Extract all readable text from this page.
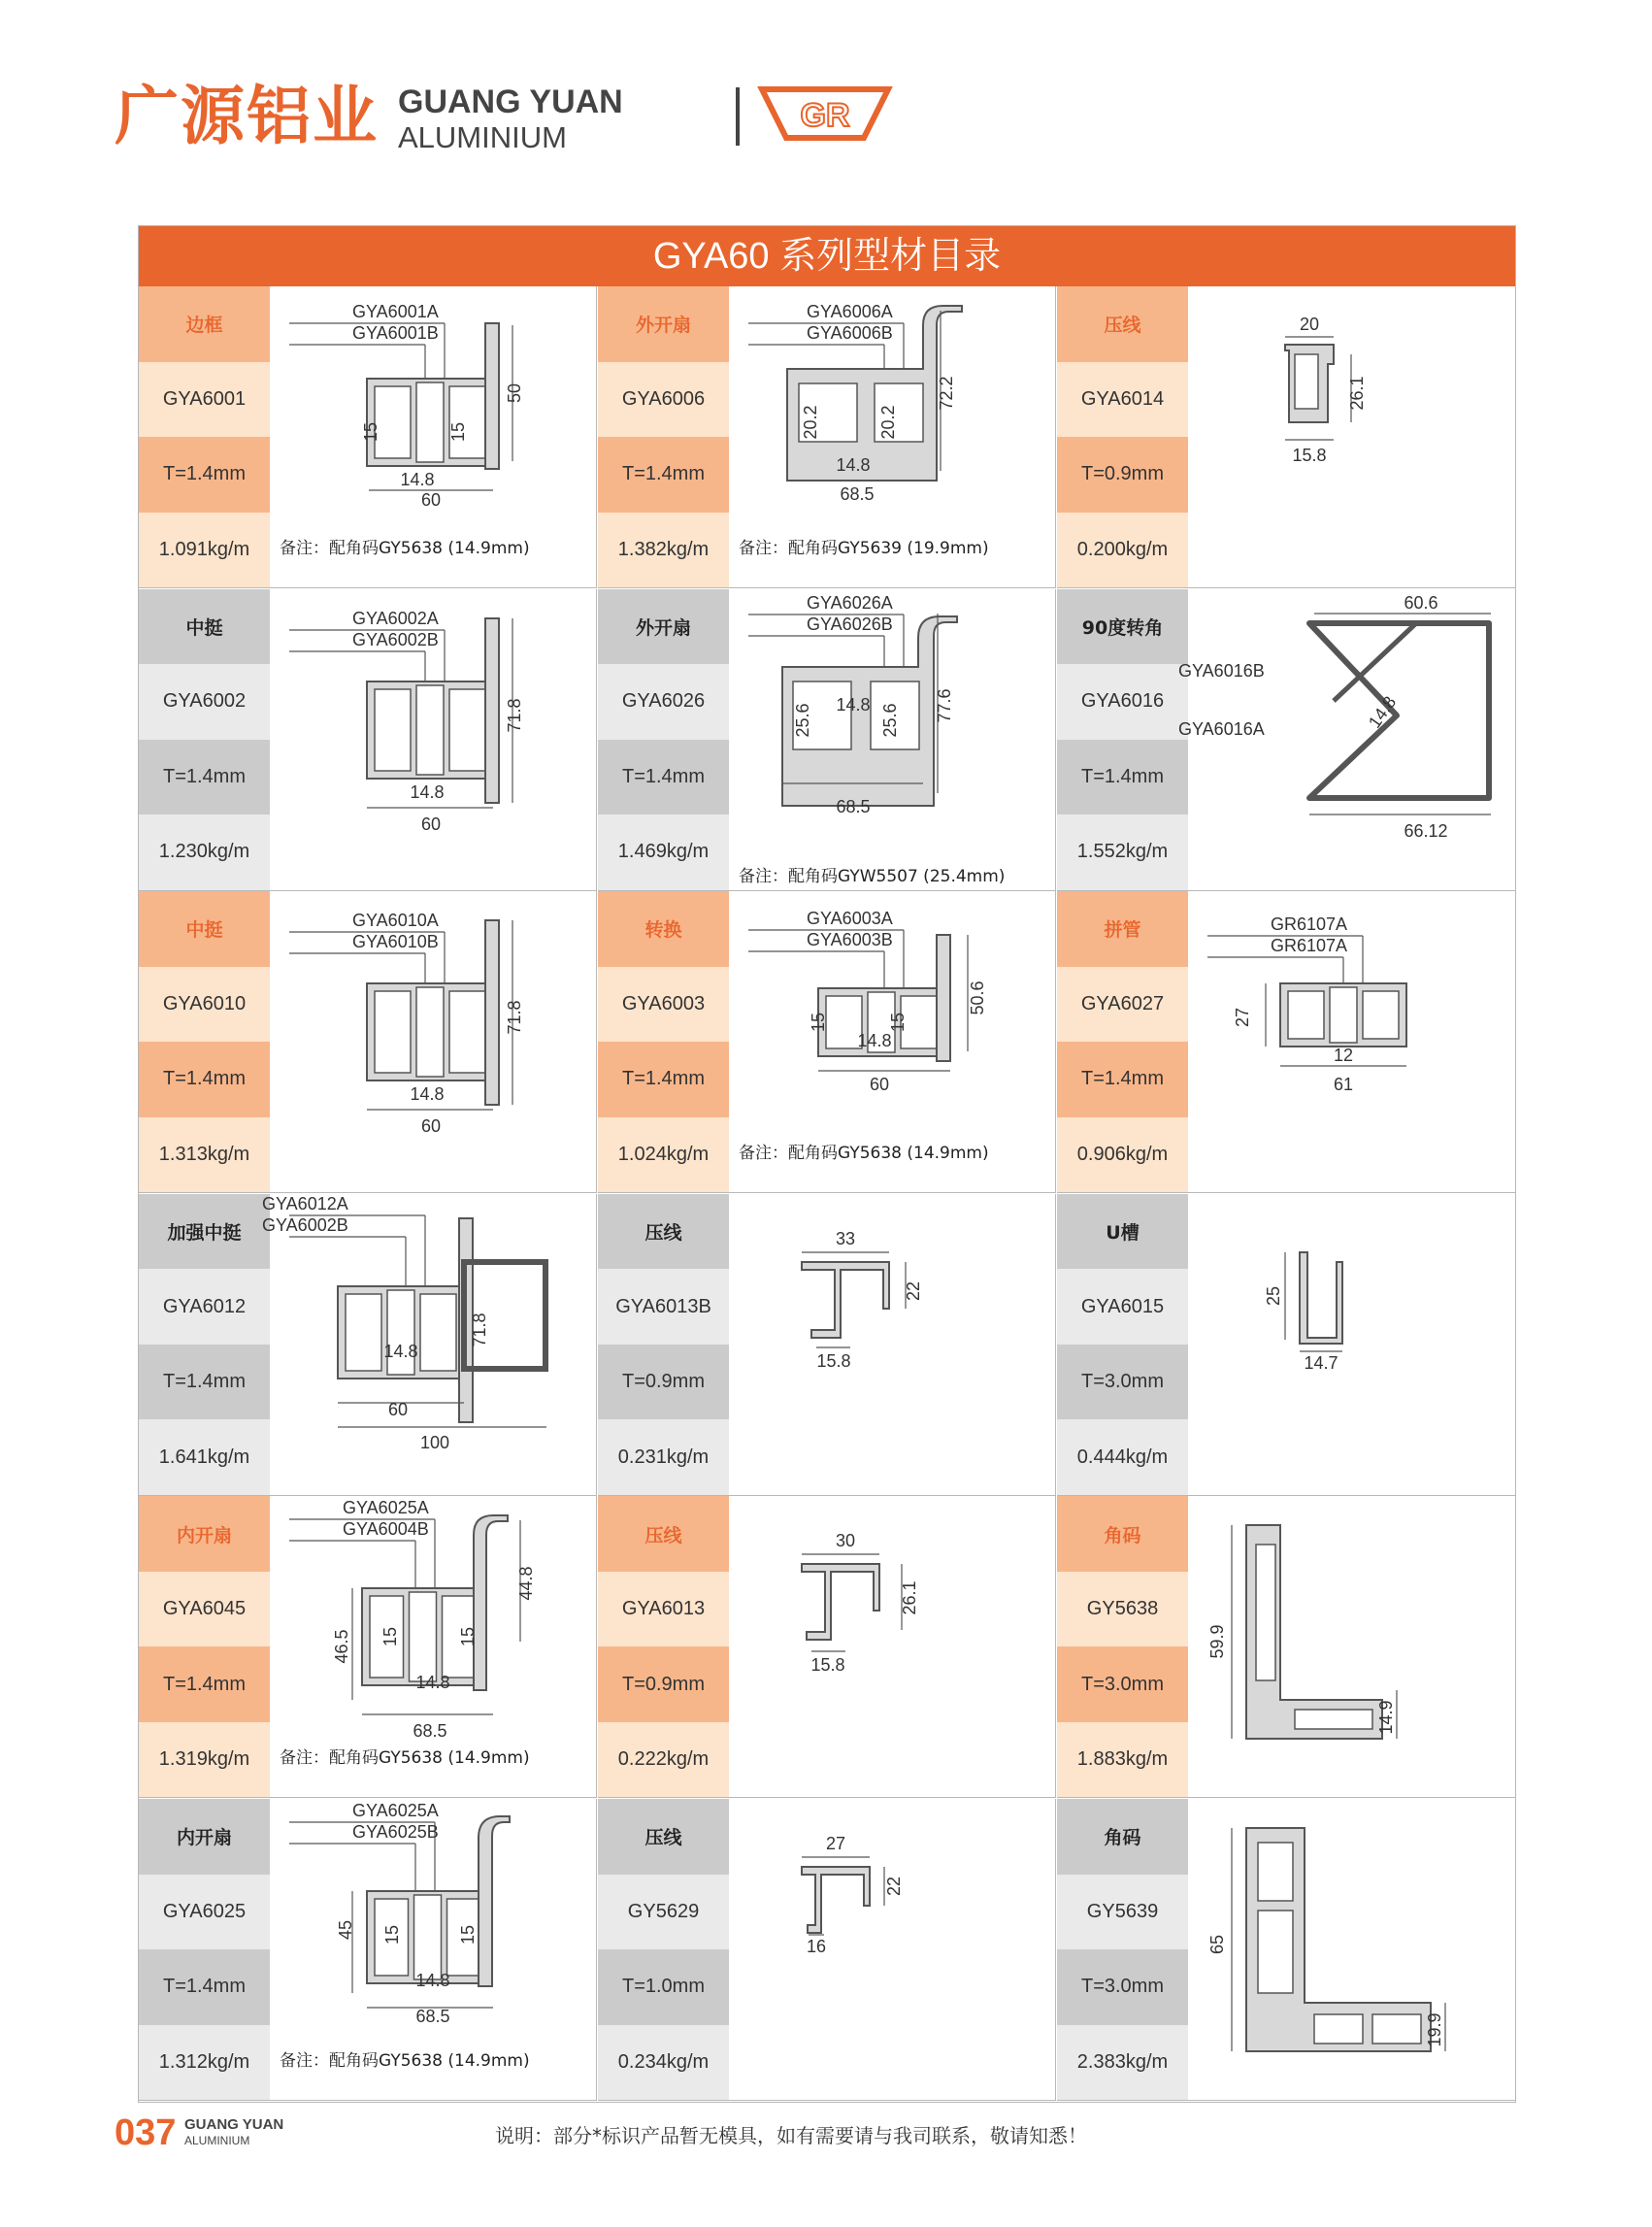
广源铝业 GUANG YUAN
ALUMINIUM
GR
GYA60 系列型材目录
边框
GYA6001
T=1.4mm
1.091kg/m
GYA6001A
GYA6001B
50
15	15
14.8
60
备注：配角码GY5638 (14.9mm)
外开扇
GYA6006
T=1.4mm
1.382kg/m
GYA6006A
GYA6006B
72.2
20.2	20.2
14.8
68.5
备注：配角码GY5639 (19.9mm)
压线
GYA6014
T=0.9mm
0.200kg/m
20
26.1
15.8
中挺
GYA6002
T=1.4mm
1.230kg/m
GYA6002A
GYA6002B
71.8
14.8
60
外开扇
GYA6026
T=1.4mm
1.469kg/m
GYA6026A
GYA6026B
77.6
25.6	25.6
14.8
68.5
备注：配角码GYW5507 (25.4mm)
90度转角
GYA6016
T=1.4mm
1.552kg/m
GYA6016B
GYA6016A
60.6
14.8
66.12
中挺
GYA6010
T=1.4mm
1.313kg/m
GYA6010A
GYA6010B
71.8
14.8
60
转换
GYA6003
T=1.4mm
1.024kg/m
GYA6003A
GYA6003B
50.6
15	15
14.8
60
备注：配角码GY5638 (14.9mm)
拼管
GYA6027
T=1.4mm
0.906kg/m
GR6107A
GR6107A
27
12
61
加强中挺
GYA6012
T=1.4mm
1.641kg/m
GYA6012A
GYA6002B
71.8
14.8
60
100
压线
GYA6013B
T=0.9mm
0.231kg/m
33
22
15.8
U槽
GYA6015
T=3.0mm
0.444kg/m
25
14.7
内开扇
GYA6045
T=1.4mm
1.319kg/m
GYA6025A
GYA6004B
44.8
46.5 15	15
14.8
68.5
备注：配角码GY5638 (14.9mm)
压线
GYA6013
T=0.9mm
0.222kg/m
30
26.1
15.8
角码
GY5638
T=3.0mm
1.883kg/m
59.9
14.9
内开扇
GYA6025
T=1.4mm
1.312kg/m
GYA6025A
GYA6025B
45 15	15
14.8
68.5
备注：配角码GY5638 (14.9mm)
压线
GY5629
T=1.0mm
0.234kg/m
27
22
16
角码
GY5639
T=3.0mm
2.383kg/m
65
19.9
037 GUANG YUAN
ALUMINIUM	说明：部分*标识产品暂无模具，如有需要请与我司联系，敬请知悉！
